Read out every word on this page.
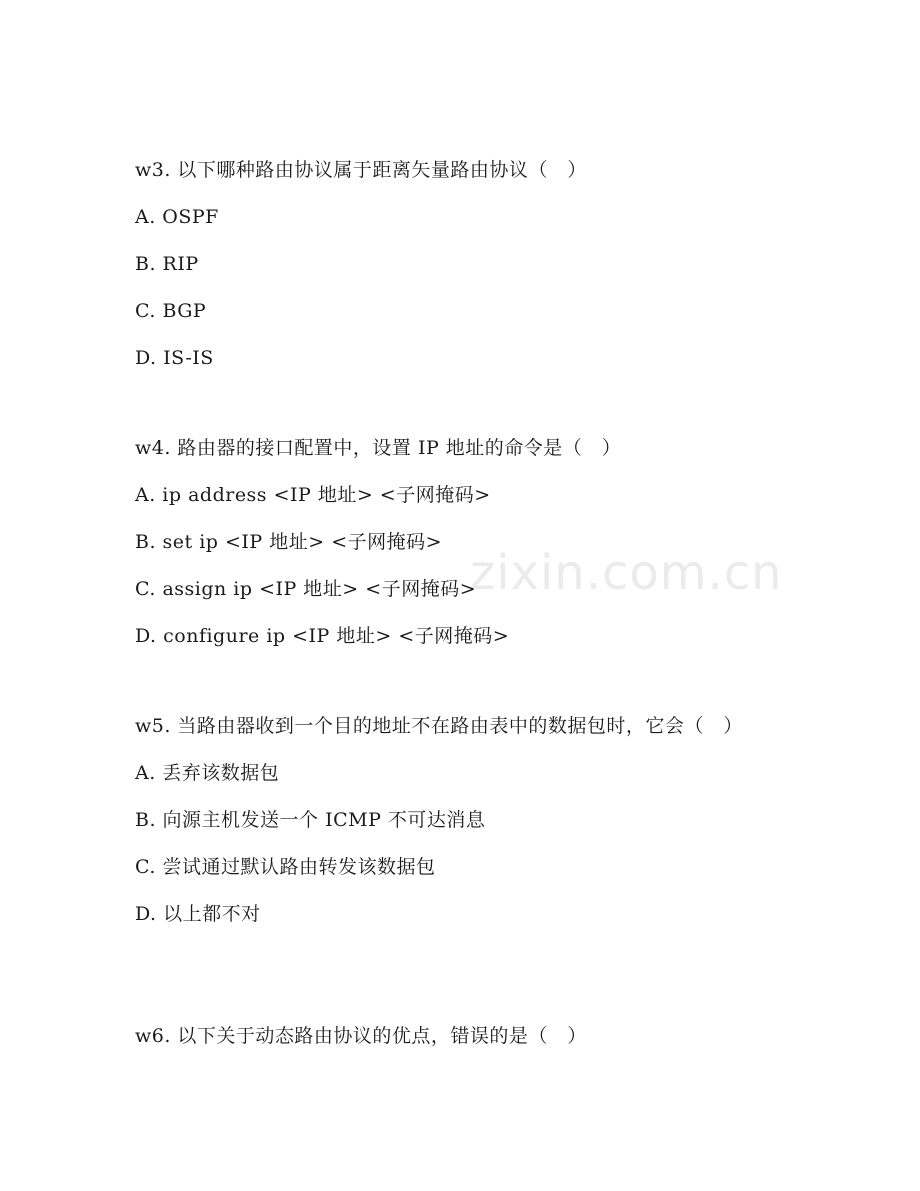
zixin.com.cn

w3. 以下哪种路由协议属于距离矢量路由协议（　）

A. OSPF
B. RIP
C. BGP
D. IS-IS

w4. 路由器的接口配置中，设置 IP 地址的命令是（　）

A. ip address <IP 地址> <子网掩码>
B. set ip <IP 地址> <子网掩码>
C. assign ip <IP 地址> <子网掩码>
D. configure ip <IP 地址> <子网掩码>

w5. 当路由器收到一个目的地址不在路由表中的数据包时，它会（　）

A. 丢弃该数据包
B. 向源主机发送一个 ICMP 不可达消息
C. 尝试通过默认路由转发该数据包
D. 以上都不对

w6. 以下关于动态路由协议的优点，错误的是（　）
